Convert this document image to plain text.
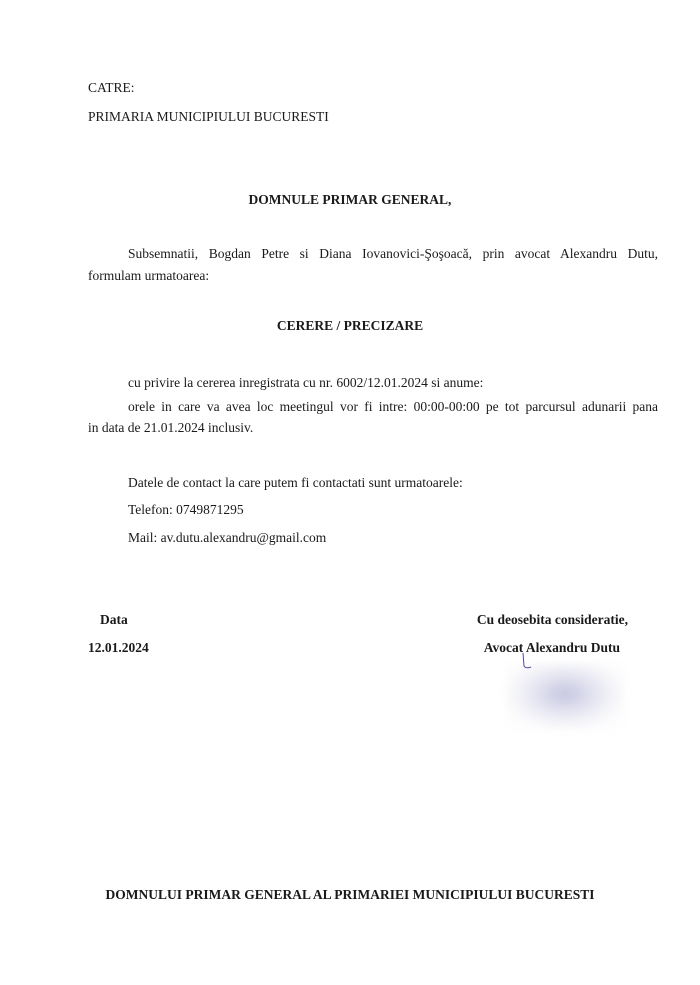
CATRE:
PRIMARIA MUNICIPIULUI BUCURESTI
DOMNULE PRIMAR GENERAL,
Subsemnatii, Bogdan Petre si Diana Iovanovici-Şoşoacă, prin avocat Alexandru Dutu,
formulam urmatoarea:
CERERE / PRECIZARE
cu privire la cererea inregistrata cu nr. 6002/12.01.2024 si anume:
orele in care va avea loc meetingul vor fi intre: 00:00-00:00 pe tot parcursul adunarii pana
in data de 21.01.2024 inclusiv.
Datele de contact la care putem fi contactati sunt urmatoarele:
Telefon: 0749871295
Mail: av.dutu.alexandru@gmail.com
Data
12.01.2024
Cu deosebita consideratie,
Avocat Alexandru Dutu
DOMNULUI PRIMAR GENERAL AL PRIMARIEI MUNICIPIULUI BUCURESTI
